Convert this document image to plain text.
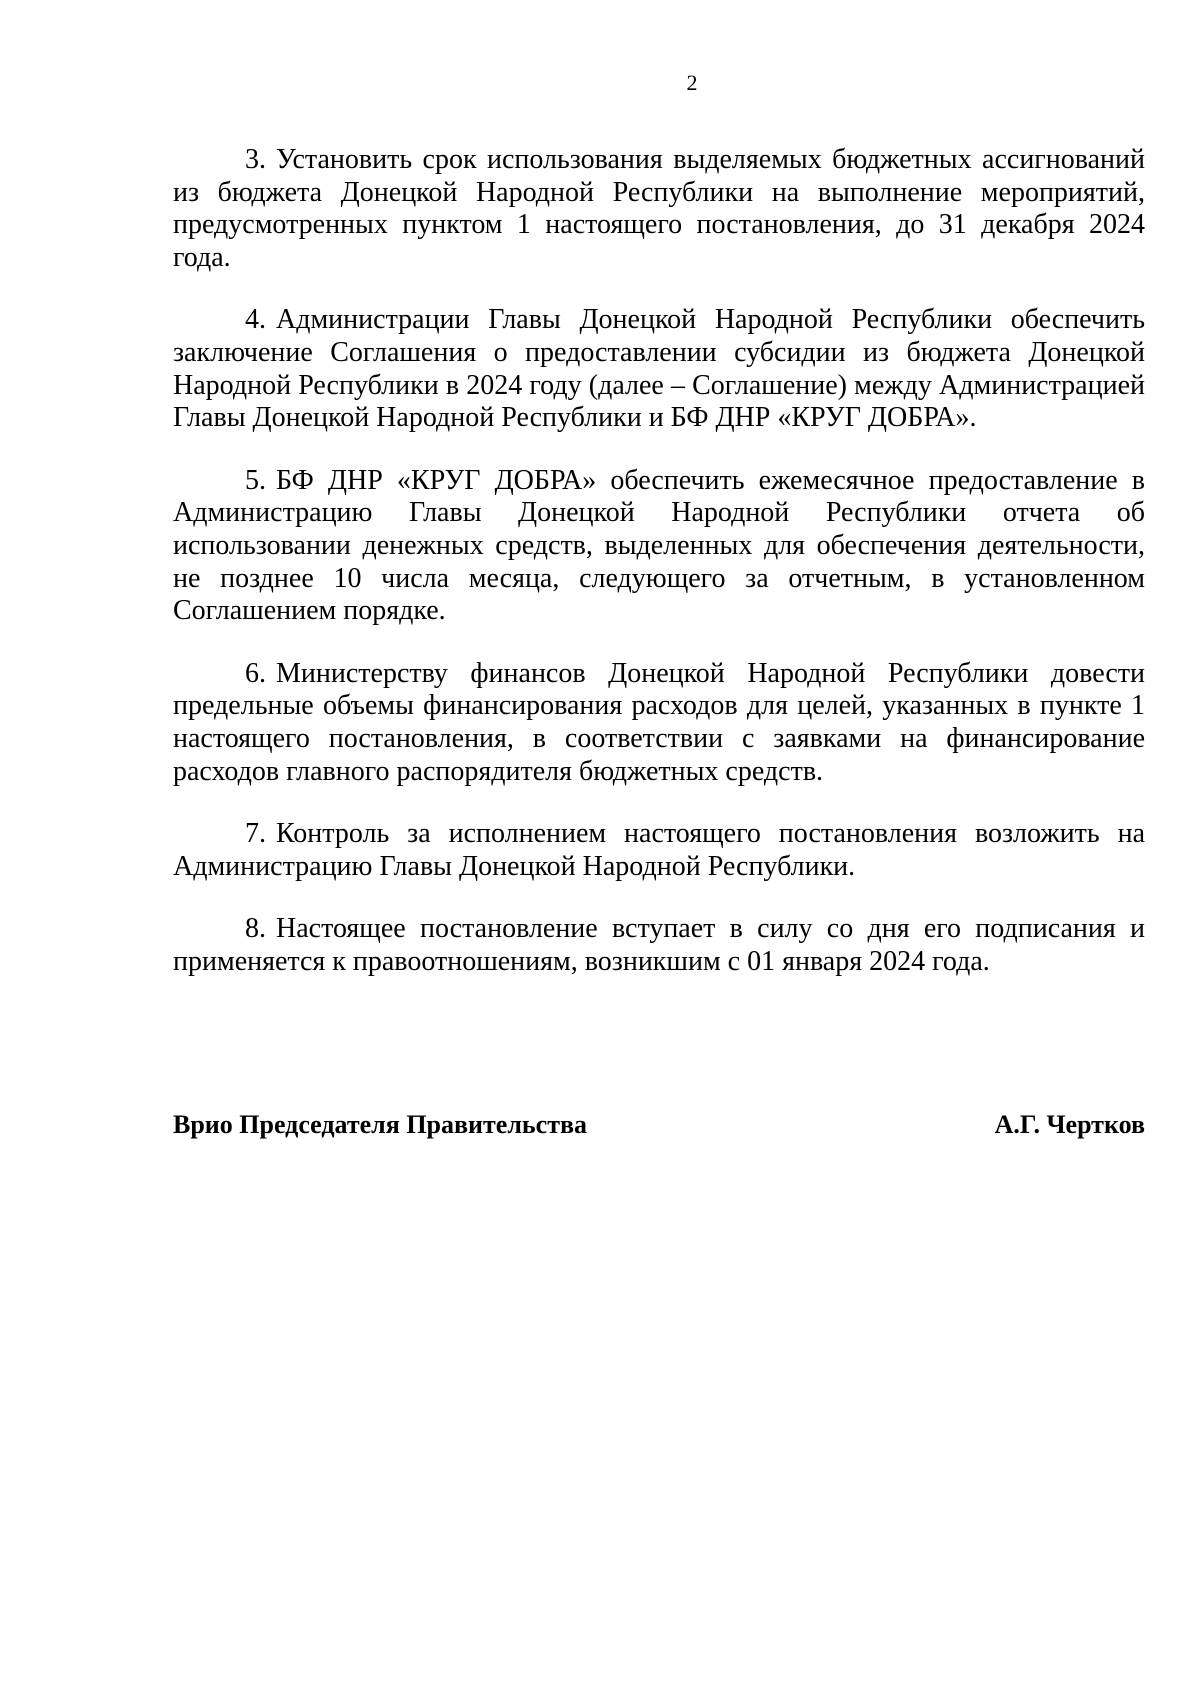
2

3. Установить срок использования выделяемых бюджетных ассигнований из бюджета Донецкой Народной Республики на выполнение мероприятий, предусмотренных пунктом 1 настоящего постановления, до 31 декабря 2024 года.

4. Администрации Главы Донецкой Народной Республики обеспечить заключение Соглашения о предоставлении субсидии из бюджета Донецкой Народной Республики в 2024 году (далее – Соглашение) между Администрацией Главы Донецкой Народной Республики и БФ ДНР «КРУГ ДОБРА».

5. БФ ДНР «КРУГ ДОБРА» обеспечить ежемесячное предоставление в Администрацию Главы Донецкой Народной Республики отчета об использовании денежных средств, выделенных для обеспечения деятельности, не позднее 10 числа месяца, следующего за отчетным, в установленном Соглашением порядке.

6. Министерству финансов Донецкой Народной Республики довести предельные объемы финансирования расходов для целей, указанных в пункте 1 настоящего постановления, в соответствии с заявками на финансирование расходов главного распорядителя бюджетных средств.

7. Контроль за исполнением настоящего постановления возложить на Администрацию Главы Донецкой Народной Республики.

8. Настоящее постановление вступает в силу со дня его подписания и применяется к правоотношениям, возникшим с 01 января 2024 года.

Врио Председателя Правительства	А.Г. Чертков
